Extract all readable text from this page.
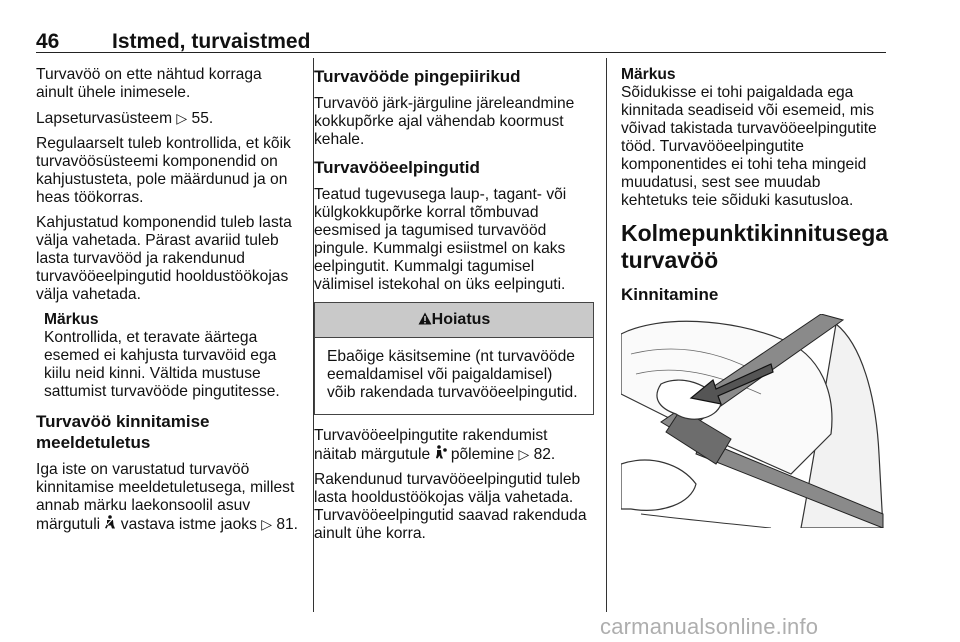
46	Istmed, turvaistmed

Turvavöö on ette nähtud korraga ainult ühele inimesele.

Lapseturvasüsteem ▷ 55.

Regulaarselt tuleb kontrollida, et kõik turvavöösüsteemi komponendid on kahjustusteta, pole määrdunud ja on heas töökorras.

Kahjustatud komponendid tuleb lasta välja vahetada. Pärast avariid tuleb lasta turvavööd ja rakendunud turvavööeelpingutid hooldustöökojas välja vahetada.

Märkus
Kontrollida, et teravate äärtega esemed ei kahjusta turvavöid ega kiilu neid kinni. Vältida mustuse sattumist turvavööde pingutitesse.
Turvavöö kinnitamise meeldetuletus

Iga iste on varustatud turvavöö kinnitamise meeldetuletusega, millest annab märku laekonsoolil asuv märgutuli  vastava istme jaoks ▷ 81.

Turvavööde pingepiirikud

Turvavöö järk-järguline järeleandmine kokkupõrke ajal vähendab koormust kehale.

Turvavööeelpingutid

Teatud tugevusega laup-, tagant- või külgkokkupõrke korral tõmbuvad eesmised ja tagumised turvavööd pingule. Kummalgi esiistmel on kaks eelpingutit. Kummalgi tagumisel välimisel istekohal on üks eelpinguti.

Hoiatus
Ebaõige käsitsemine (nt turvavööde eemaldamisel või paigaldamisel) võib rakendada turvavööeelpingutid.

Turvavööeelpingutite rakendumist näitab märgutule  põlemine ▷ 82.

Rakendunud turvavööeelpingutid tuleb lasta hooldustöökojas välja vahetada. Turvavööeelpingutid saavad rakenduda ainult ühe korra.

Märkus
Sõidukisse ei tohi paigaldada ega kinnitada seadiseid või esemeid, mis võivad takistada turvavööeelpingutite tööd. Turvavööeelpingutite komponentides ei tohi teha mingeid muudatusi, sest see muudab kehtetuks teie sõiduki kasutusloa.
Kolmepunktikinnitusega turvavöö
Kinnitamine
carmanualsonline.info
